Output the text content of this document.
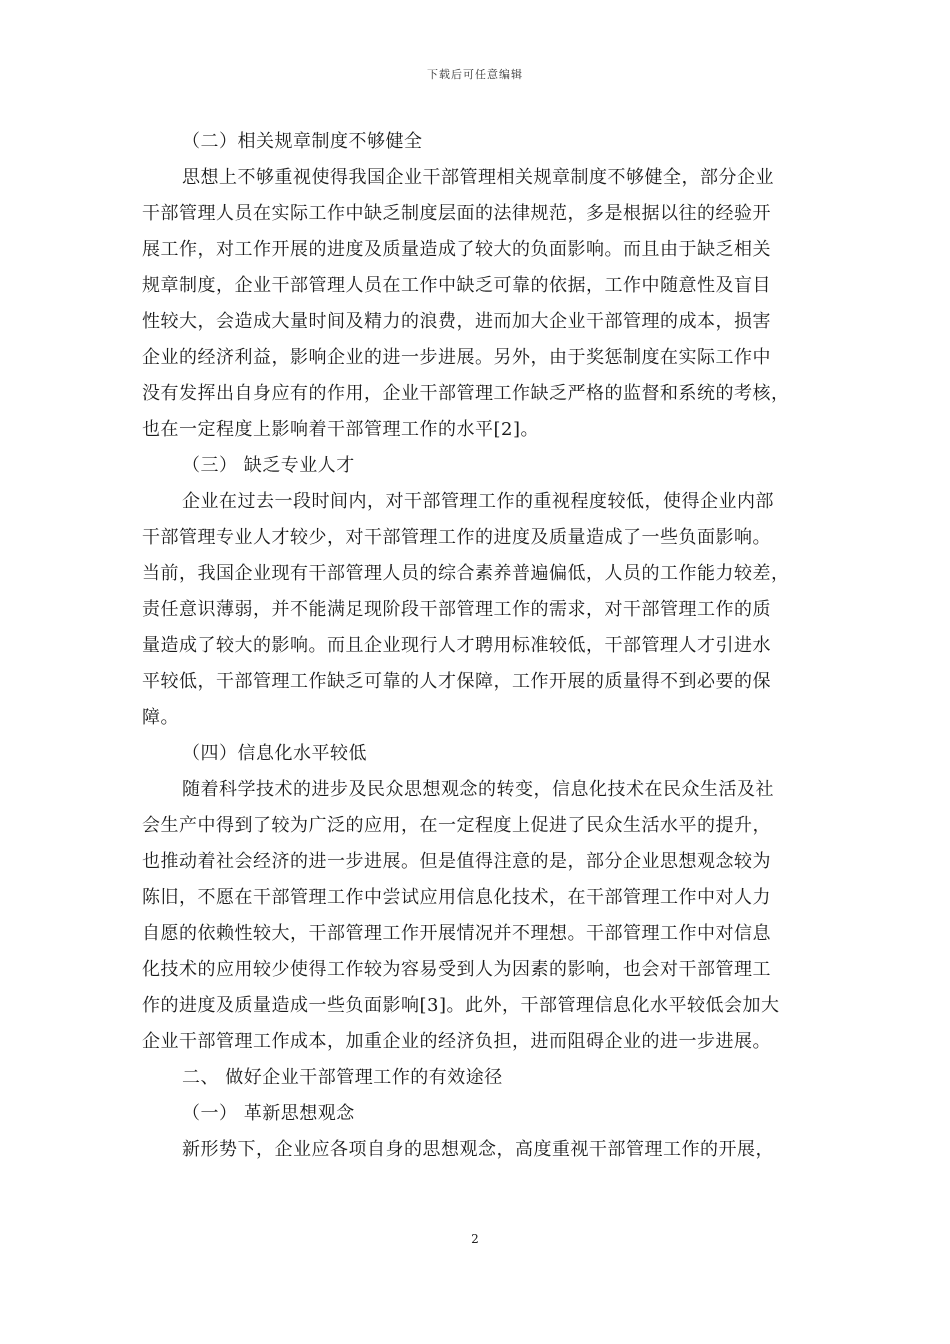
下载后可任意编辑
（二）相关规章制度不够健全
思想上不够重视使得我国企业干部管理相关规章制度不够健全，部分企业
干部管理人员在实际工作中缺乏制度层面的法律规范，多是根据以往的经验开
展工作，对工作开展的进度及质量造成了较大的负面影响。而且由于缺乏相关
规章制度，企业干部管理人员在工作中缺乏可靠的依据，工作中随意性及盲目
性较大，会造成大量时间及精力的浪费，进而加大企业干部管理的成本，损害
企业的经济利益，影响企业的进一步进展。另外，由于奖惩制度在实际工作中
没有发挥出自身应有的作用，企业干部管理工作缺乏严格的监督和系统的考核，
也在一定程度上影响着干部管理工作的水平[2]。
（三） 缺乏专业人才
企业在过去一段时间内，对干部管理工作的重视程度较低，使得企业内部
干部管理专业人才较少，对干部管理工作的进度及质量造成了一些负面影响。
当前，我国企业现有干部管理人员的综合素养普遍偏低，人员的工作能力较差，
责任意识薄弱，并不能满足现阶段干部管理工作的需求，对干部管理工作的质
量造成了较大的影响。而且企业现行人才聘用标准较低，干部管理人才引进水
平较低，干部管理工作缺乏可靠的人才保障，工作开展的质量得不到必要的保
障。
（四）信息化水平较低
随着科学技术的进步及民众思想观念的转变，信息化技术在民众生活及社
会生产中得到了较为广泛的应用，在一定程度上促进了民众生活水平的提升，
也推动着社会经济的进一步进展。但是值得注意的是，部分企业思想观念较为
陈旧，不愿在干部管理工作中尝试应用信息化技术，在干部管理工作中对人力
自愿的依赖性较大，干部管理工作开展情况并不理想。干部管理工作中对信息
化技术的应用较少使得工作较为容易受到人为因素的影响，也会对干部管理工
作的进度及质量造成一些负面影响[3]。此外，干部管理信息化水平较低会加大
企业干部管理工作成本，加重企业的经济负担，进而阻碍企业的进一步进展。
二、 做好企业干部管理工作的有效途径
（一） 革新思想观念
新形势下，企业应各项自身的思想观念，高度重视干部管理工作的开展，
2
